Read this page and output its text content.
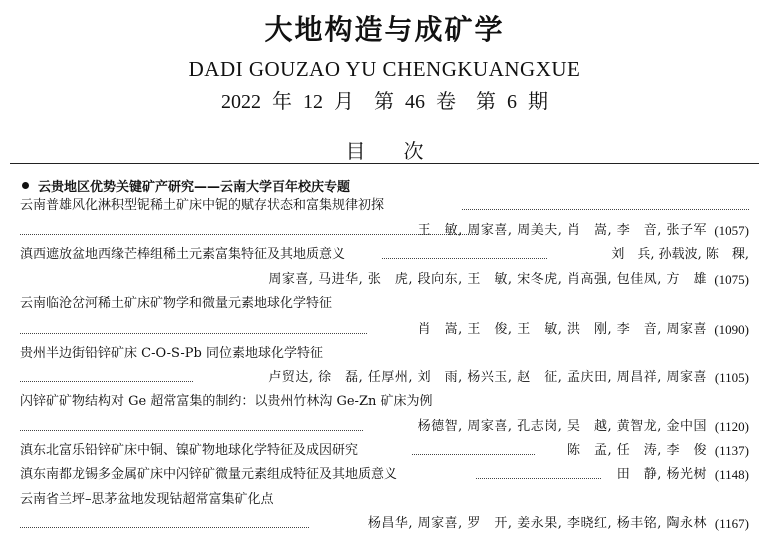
大地构造与成矿学
DADI GOUZAO YU CHENGKUANGXUE
2022 年 12 月　第 46 卷　第 6 期
目次
云贵地区优势关键矿产研究——云南大学百年校庆专题
云南普雄风化淋积型铌稀土矿床中铌的赋存状态和富集规律初探
王　敏, 周家喜, 周美夫, 肖　嵩, 李　音, 张子军 (1057)
滇西遮放盆地西缘芒棒组稀土元素富集特征及其地质意义	刘　兵, 孙载波, 陈　稞,
周家喜, 马进华, 张　虎, 段向东, 王　敏, 宋冬虎, 肖高强, 包佳凤, 方　雄 (1075)
云南临沧岔河稀土矿床矿物学和微量元素地球化学特征
肖　嵩, 王　俊, 王　敏, 洪　刚, 李　音, 周家喜 (1090)
贵州半边街铅锌矿床 C-O-S-Pb 同位素地球化学特征
卢贸达, 徐　磊, 任厚州, 刘　雨, 杨兴玉, 赵　征, 孟庆田, 周昌祥, 周家喜 (1105)
闪锌矿矿物结构对 Ge 超常富集的制约：以贵州竹林沟 Ge-Zn 矿床为例
杨德智, 周家喜, 孔志岗, 吴　越, 黄智龙, 金中国 (1120)
滇东北富乐铅锌矿床中铜、镍矿物地球化学特征及成因研究	陈　孟, 任　涛, 李　俊 (1137)
滇东南都龙锡多金属矿床中闪锌矿微量元素组成特征及其地质意义	田　静, 杨光树 (1148)
云南省兰坪–思茅盆地发现钴超常富集矿化点
杨昌华, 周家喜, 罗　开, 姜永果, 李晓红, 杨丰铭, 陶永林 (1167)
